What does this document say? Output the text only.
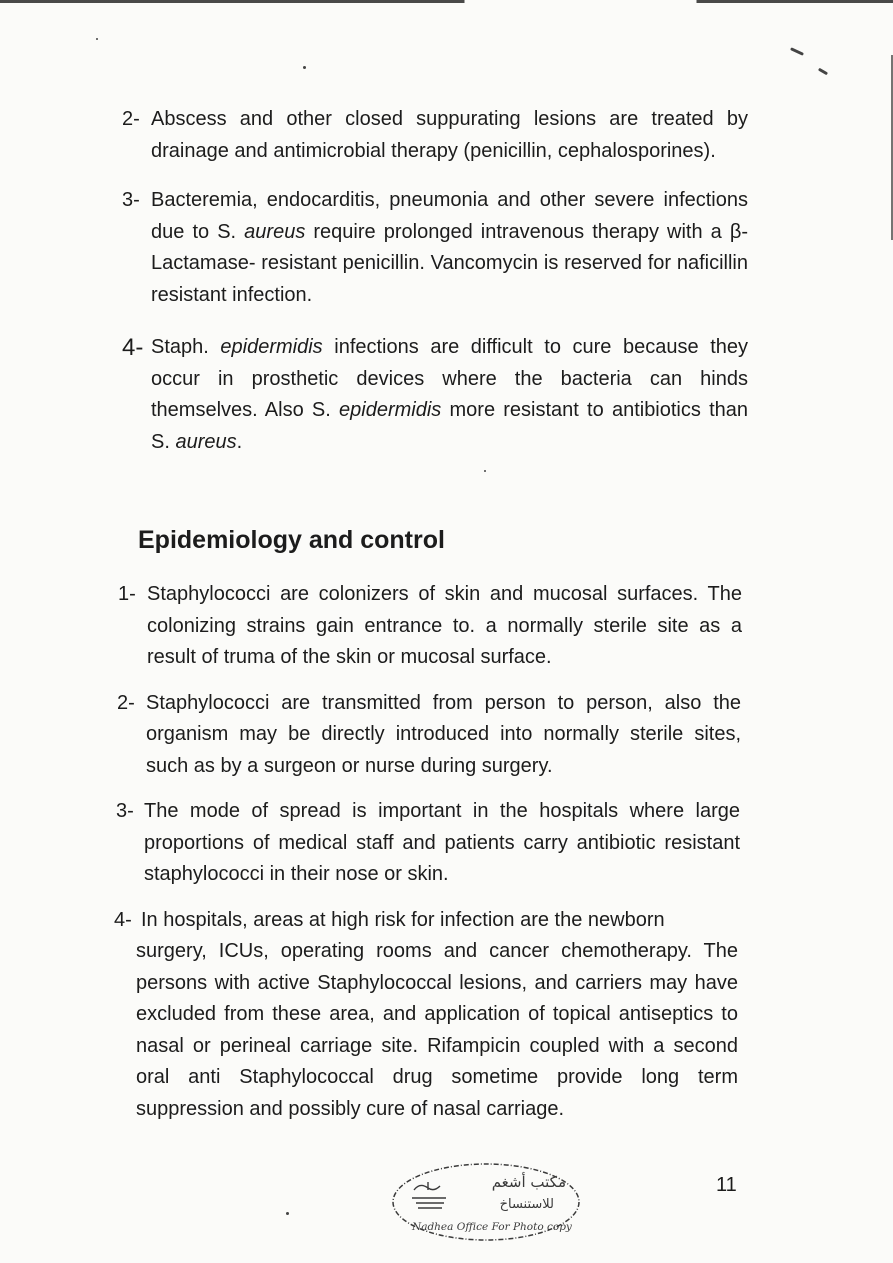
2- Abscess and other closed suppurating lesions are treated by drainage and antimicrobial therapy (penicillin, cephalosporines).
3- Bacteremia, endocarditis, pneumonia and other severe infections due to S. aureus require prolonged intravenous therapy with a β-Lactamase- resistant penicillin. Vancomycin is reserved for naficillin resistant infection.
4- Staph. epidermidis infections are difficult to cure because they occur in prosthetic devices where the bacteria can hinds themselves. Also S. epidermidis more resistant to antibiotics than S. aureus.
Epidemiology and control
1- Staphylococci are colonizers of skin and mucosal surfaces. The colonizing strains gain entrance to. a normally sterile site as a result of truma of the skin or mucosal surface.
2- Staphylococci are transmitted from person to person, also the organism may be directly introduced into normally sterile sites, such as by a surgeon or nurse during surgery.
3- The mode of spread is important in the hospitals where large proportions of medical staff and patients carry antibiotic resistant staphylococci in their nose or skin.
4- In hospitals, areas at high risk for infection are the newborn
surgery, ICUs, operating rooms and cancer chemotherapy. The persons with active Staphylococcal lesions, and carriers may have excluded from these area, and application of topical antiseptics to nasal or perineal carriage site. Rifampicin coupled with a second oral anti Staphylococcal drug sometime provide long term suppression and possibly cure of nasal carriage.
مكتب أشغم
للاستنساخ
Nadhea Office For Photo copy
11
